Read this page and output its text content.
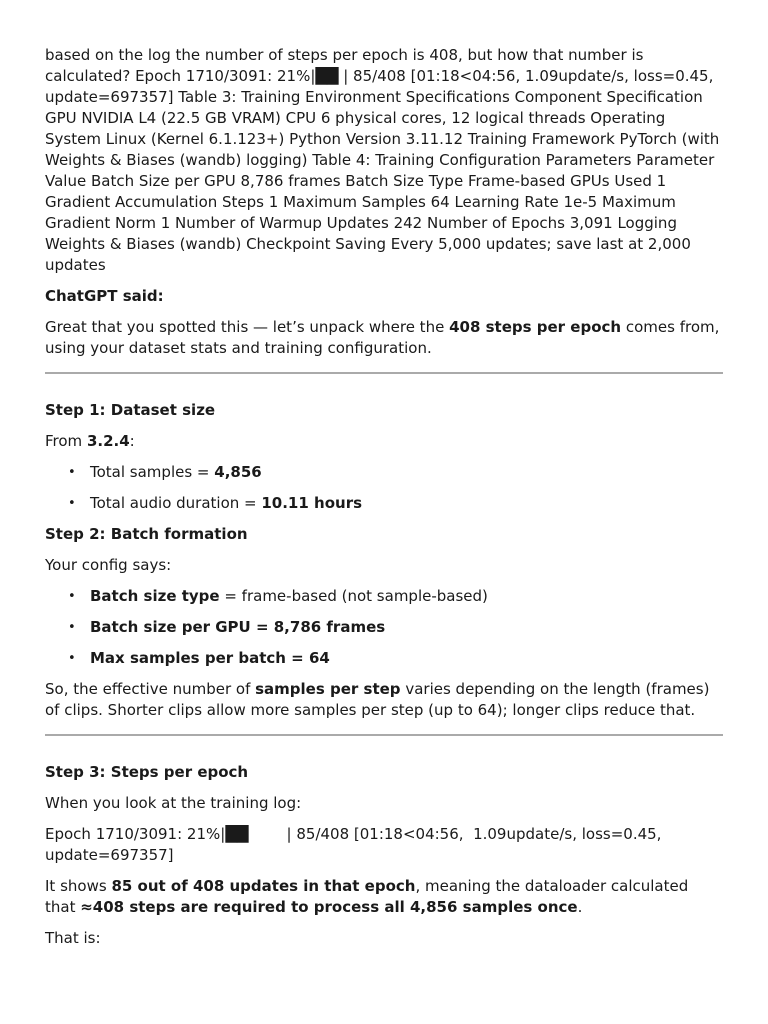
based on the log the number of steps per epoch is 408, but how that number is calculated? Epoch 1710/3091: 21%|██ | 85/408 [01:18<04:56, 1.09update/s, loss=0.45, update=697357] Table 3: Training Environment Specifications Component Specification GPU NVIDIA L4 (22.5 GB VRAM) CPU 6 physical cores, 12 logical threads Operating System Linux (Kernel 6.1.123+) Python Version 3.11.12 Training Framework PyTorch (with Weights & Biases (wandb) logging) Table 4: Training Configuration Parameters Parameter Value Batch Size per GPU 8,786 frames Batch Size Type Frame-based GPUs Used 1 Gradient Accumulation Steps 1 Maximum Samples 64 Learning Rate 1e-5 Maximum Gradient Norm 1 Number of Warmup Updates 242 Number of Epochs 3,091 Logging Weights & Biases (wandb) Checkpoint Saving Every 5,000 updates; save last at 2,000 updates

ChatGPT said:

Great that you spotted this — let’s unpack where the 408 steps per epoch comes from, using your dataset stats and training configuration.

Step 1: Dataset size

From 3.2.4:

• Total samples = 4,856
• Total audio duration = 10.11 hours
Step 2: Batch formation

Your config says:

• Batch size type = frame-based (not sample-based)
• Batch size per GPU = 8,786 frames
• Max samples per batch = 64

So, the effective number of samples per step varies depending on the length (frames) of clips. Shorter clips allow more samples per step (up to 64); longer clips reduce that.

Step 3: Steps per epoch

When you look at the training log:

Epoch 1710/3091: 21%|██        | 85/408 [01:18<04:56,  1.09update/s, loss=0.45, update=697357]

It shows 85 out of 408 updates in that epoch, meaning the dataloader calculated that ≈408 steps are required to process all 4,856 samples once.

That is:
